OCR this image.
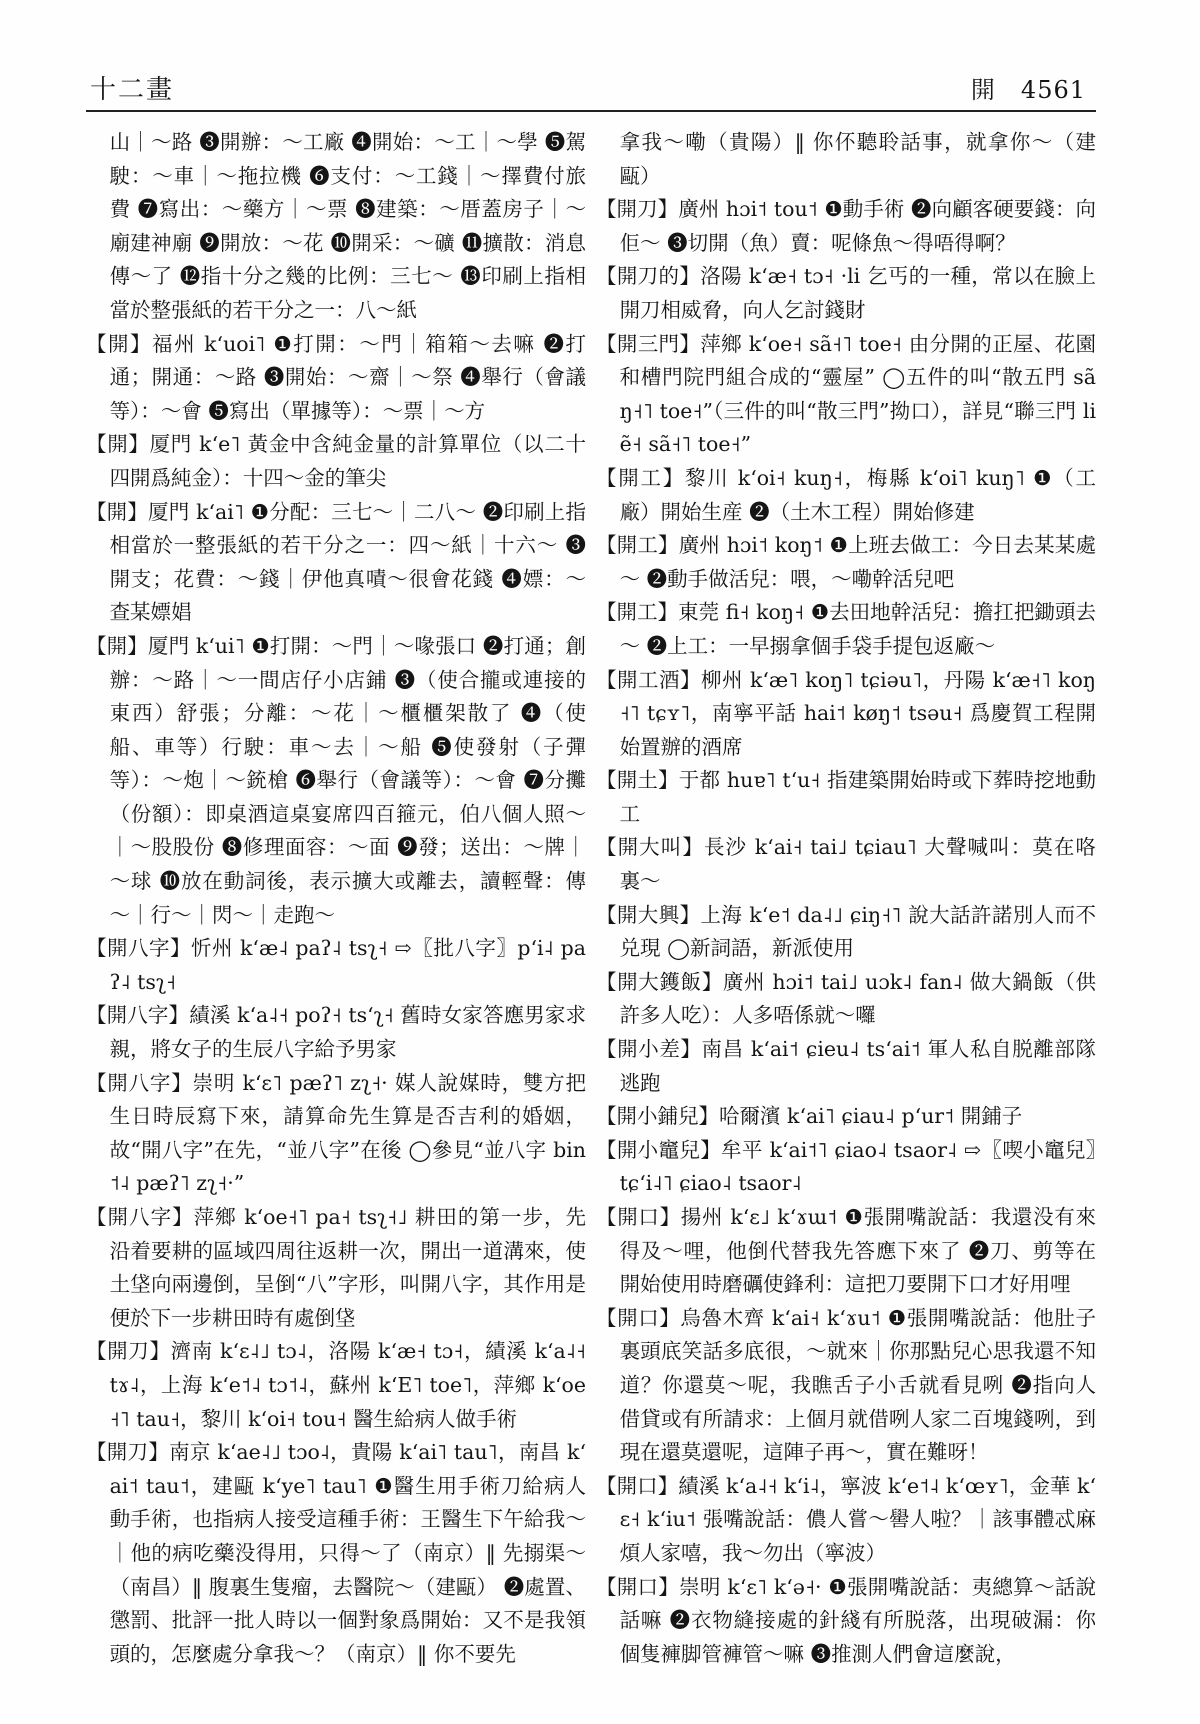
十二畫	開　4561

山｜～路 ❸開辦：～工廠 ❹開始：～工｜～學 ❺駕駛：～車｜～拖拉機 ❻支付：～工錢｜～擇費付旅費 ❼寫出：～藥方｜～票 ❽建築：～厝蓋房子｜～廟建神廟 ❾開放：～花 ❿開采：～礦 ⓫擴散：消息傳～了 ⓬指十分之幾的比例：三七～ ⓭印刷上指相當於整張紙的若干分之一：八～紙

【開】福州 kʻuoi˥ ❶打開：～門｜箱箱～去嘛 ❷打通；開通：～路 ❸開始：～齋｜～祭 ❹舉行（會議等）：～會 ❺寫出（單據等）：～票｜～方

【開】厦門 kʻe˥ 黃金中含純金量的計算單位（以二十四開爲純金）：十四～金的筆尖

【開】厦門 kʻai˥ ❶分配：三七～｜二八～ ❷印刷上指相當於一整張紙的若干分之一：四～紙｜十六～ ❸開支；花費：～錢｜伊他真嘖～很會花錢 ❹嫖：～查某嫖娼

【開】厦門 kʻui˥ ❶打開：～門｜～喙張口 ❷打通；創辦：～路｜～一間店仔小店鋪 ❸（使合攏或連接的東西）舒張；分離：～花｜～櫃櫃架散了 ❹（使船、車等）行駛：車～去｜～船 ❺使發射（子彈等）：～炮｜～銃槍 ❻舉行（會議等）：～會 ❼分攤（份額）：即桌酒這桌宴席四百箍元，伯八個人照～｜～股股份 ❽修理面容：～面 ❾發；送出：～牌｜～球 ❿放在動詞後，表示擴大或離去，讀輕聲：傳～｜行～｜閃～｜走跑～

【開八字】忻州 kʻæ˨ paʔ˨ tsʅ˧ ⇨〖批八字〗pʻi˨ paʔ˨ tsʅ˧

【開八字】績溪 kʻa˨˧ poʔ˧ tsʻʅ˧ 舊時女家答應男家求親，將女子的生辰八字給予男家

【開八字】崇明 kʻɛ˥ pæʔ˥ zʅ˧· 媒人說媒時，雙方把生日時辰寫下來，請算命先生算是否吉利的婚姻，故“開八字”在先，“並八字”在後 ◯參見“並八字 bin˦˨ pæʔ˥ zʅ˧·”

【開八字】萍鄉 kʻoe˧˥ pa˧ tsʅ˧˩ 耕田的第一步，先沿着要耕的區域四周往返耕一次，開出一道溝來，使土垡向兩邊倒，呈倒“八”字形，叫開八字，其作用是便於下一步耕田時有處倒垡

【開刀】濟南 kʻɛ˨˩ tɔ˨，洛陽 kʻæ˧ tɔ˧，績溪 kʻa˨˧ tɤ˨，上海 kʻe˦˨ tɔ˦˨，蘇州 kʻE˥ toe˥，萍鄉 kʻoe˧˥ tau˧，黎川 kʻoi˧ tou˧ 醫生給病人做手術

【開刀】南京 kʻae˨˩ tɔo˨，貴陽 kʻai˥ tau˥，南昌 kʻai˦ tau˦，建甌 kʻye˥ tau˥ ❶醫生用手術刀給病人動手術，也指病人接受這種手術：王醫生下午給我～｜他的病吃藥没得用，只得～了（南京）‖ 先搦渠～（南昌）‖ 腹裏生隻瘤，去醫院～（建甌） ❷處置、懲罰、批評一批人時以一個對象爲開始：又不是我領頭的，怎麼處分拿我～？（南京）‖ 你不要先

拿我～嘞（貴陽）‖ 你伓聽聆話事，就拿你～（建甌）

【開刀】廣州 hɔi˦ tou˦ ❶動手術 ❷向顧客硬要錢：向佢～ ❸切開（魚）賣：呢條魚～得唔得啊？

【開刀的】洛陽 kʻæ˧ tɔ˧ ·li 乞丐的一種，常以在臉上開刀相威脅，向人乞討錢財

【開三門】萍鄉 kʻoe˧ sã˧˥ toe˧ 由分開的正屋、花園和槽門院門組合成的“靈屋” ◯五件的叫“散五門 sã ŋ˧˥ toe˧”（三件的叫“散三門”拗口），詳見“聯三門 liẽ˧ sã˧˥ toe˧”

【開工】黎川 kʻoi˧ kuŋ˧，梅縣 kʻoi˥ kuŋ˥ ❶（工廠）開始生産 ❷（土木工程）開始修建

【開工】廣州 hɔi˦ koŋ˦ ❶上班去做工：今日去某某處～ ❷動手做活兒：喂，～嘞幹活兒吧

【開工】東莞 fi˧ koŋ˧ ❶去田地幹活兒：擔扛把鋤頭去～ ❷上工：一早搦拿個手袋手提包返廠～

【開工酒】柳州 kʻæ˥ koŋ˥ tɕiəu˥，丹陽 kʻæ˧˥ koŋ˧˥ tɕʏ˥，南寧平話 hai˦ køŋ˦ tsəu˧ 爲慶賀工程開始置辦的酒席

【開土】于都 huɐ˥ tʻu˧ 指建築開始時或下葬時挖地動工

【開大叫】長沙 kʻai˧ tai˩ tɕiau˥ 大聲喊叫：莫在咯裏～

【開大興】上海 kʻe˦ da˨˩ ɕiŋ˧˥ 說大話許諾別人而不兑現 ◯新詞語，新派使用

【開大鑊飯】廣州 hɔi˦ tai˩ uɔk˨ fan˨ 做大鍋飯（供許多人吃）：人多唔係就～囉

【開小差】南昌 kʻai˦ ɕieu˨ tsʻai˦ 軍人私自脱離部隊逃跑

【開小鋪兒】哈爾濱 kʻai˥ ɕiau˨ pʻur˦ 開鋪子

【開小竈兒】牟平 kʻai˦˥ ɕiao˨ tsaor˨ ⇨〖喫小竈兒〗tɕʻi˨˥ ɕiao˨ tsaor˨

【開口】揚州 kʻɛ˩ kʻɤɯ˦ ❶張開嘴說話：我還没有來得及～哩，他倒代替我先答應下來了 ❷刀、剪等在開始使用時磨礪使鋒利：這把刀要開下口才好用哩

【開口】烏魯木齊 kʻai˧ kʻɤu˦ ❶張開嘴說話：他肚子裏頭底笑話多底很，～就來｜你那點兒心思我還不知道？你還莫～呢，我瞧舌子小舌就看見咧 ❷指向人借貸或有所請求：上個月就借咧人家二百塊錢咧，到現在還莫還呢，這陣子再～，實在難呀！

【開口】績溪 kʻa˨˧ kʻi˨，寧波 kʻe˦˨ kʻœʏ˥，金華 kʻɛ˧ kʻiu˦ 張嘴說話：儂人嘗～嚳人啦？｜該事體忒麻煩人家嘻，我～勿出（寧波）

【開口】崇明 kʻɛ˥ kʻə˧· ❶張開嘴說話：夷總算～話說話嘛 ❷衣物縫接處的針綫有所脱落，出現破漏：你個隻褲脚管褲管～嘛 ❸推測人們會這麼說，
